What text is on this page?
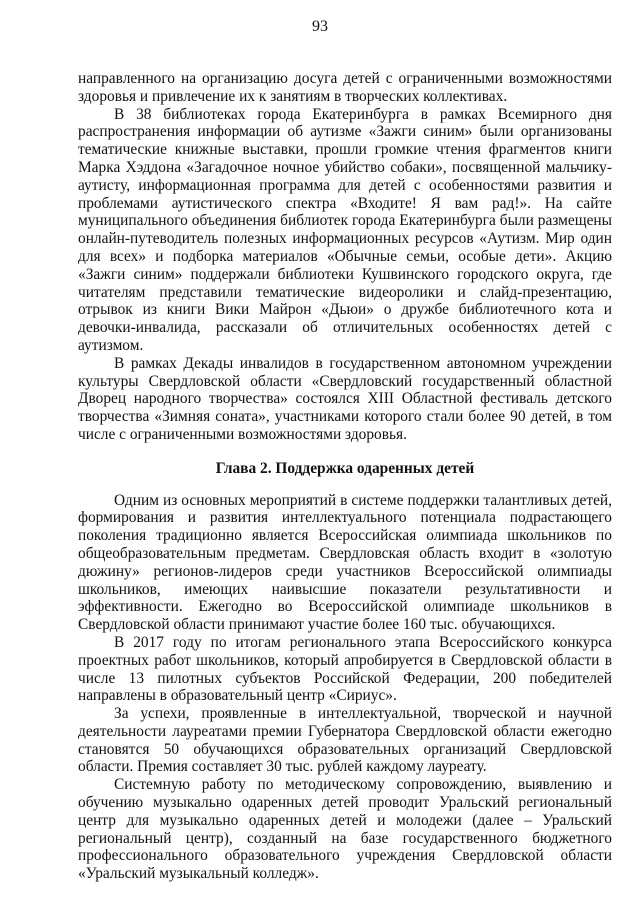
93

направленного на организацию досуга детей с ограниченными возможностями здоровья и привлечение их к занятиям в творческих коллективах.

В 38 библиотеках города Екатеринбурга в рамках Всемирного дня распространения информации об аутизме «Зажги синим» были организованы тематические книжные выставки, прошли громкие чтения фрагментов книги Марка Хэддона «Загадочное ночное убийство собаки», посвященной мальчику-аутисту, информационная программа для детей с особенностями развития и проблемами аутистического спектра «Входите! Я вам рад!». На сайте муниципального объединения библиотек города Екатеринбурга были размещены онлайн-путеводитель полезных информационных ресурсов «Аутизм. Мир один для всех» и подборка материалов «Обычные семьи, особые дети». Акцию «Зажги синим» поддержали библиотеки Кушвинского городского округа, где читателям представили тематические видеоролики и слайд-презентацию, отрывок из книги Вики Майрон «Дьюи» о дружбе библиотечного кота и девочки-инвалида, рассказали об отличительных особенностях детей с аутизмом.

В рамках Декады инвалидов в государственном автономном учреждении культуры Свердловской области «Свердловский государственный областной Дворец народного творчества» состоялся XIII Областной фестиваль детского творчества «Зимняя соната», участниками которого стали более 90 детей, в том числе с ограниченными возможностями здоровья.

Глава 2. Поддержка одаренных детей

Одним из основных мероприятий в системе поддержки талантливых детей, формирования и развития интеллектуального потенциала подрастающего поколения традиционно является Всероссийская олимпиада школьников по общеобразовательным предметам. Свердловская область входит в «золотую дюжину» регионов-лидеров среди участников Всероссийской олимпиады школьников, имеющих наивысшие показатели результативности и эффективности. Ежегодно во Всероссийской олимпиаде школьников в Свердловской области принимают участие более 160 тыс. обучающихся.

В 2017 году по итогам регионального этапа Всероссийского конкурса проектных работ школьников, который апробируется в Свердловской области в числе 13 пилотных субъектов Российской Федерации, 200 победителей направлены в образовательный центр «Сириус».

За успехи, проявленные в интеллектуальной, творческой и научной деятельности лауреатами премии Губернатора Свердловской области ежегодно становятся 50 обучающихся образовательных организаций Свердловской области. Премия составляет 30 тыс. рублей каждому лауреату.

Системную работу по методическому сопровождению, выявлению и обучению музыкально одаренных детей проводит Уральский региональный центр для музыкально одаренных детей и молодежи (далее – Уральский региональный центр), созданный на базе государственного бюджетного профессионального образовательного учреждения Свердловской области «Уральский музыкальный колледж».
